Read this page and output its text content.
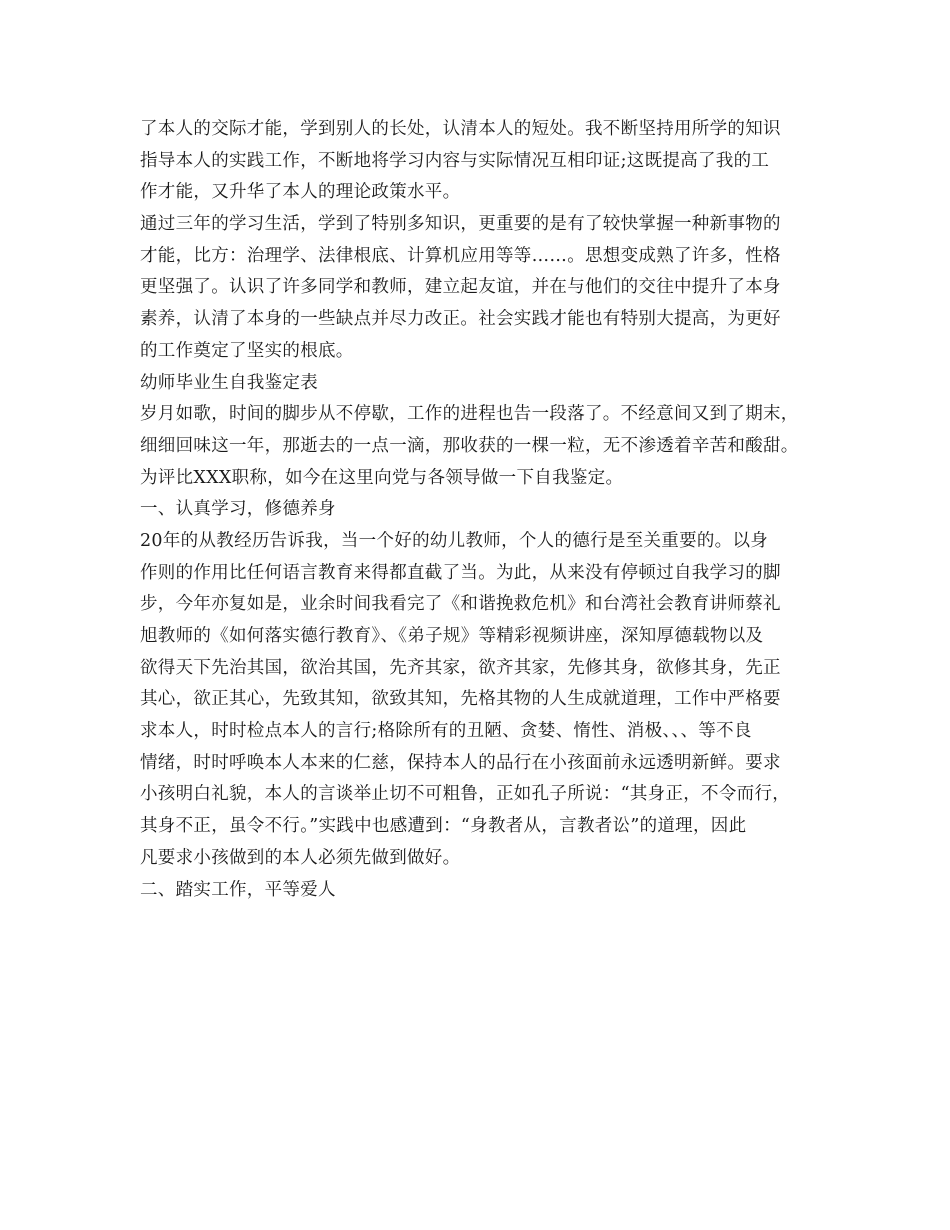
了本人的交际才能，学到别人的长处，认清本人的短处。我不断坚持用所学的知识
指导本人的实践工作，不断地将学习内容与实际情况互相印证;这既提高了我的工
作才能，又升华了本人的理论政策水平。
通过三年的学习生活，学到了特别多知识，更重要的是有了较快掌握一种新事物的
才能，比方：治理学、法律根底、计算机应用等等……。思想变成熟了许多，性格
更坚强了。认识了许多同学和教师，建立起友谊，并在与他们的交往中提升了本身
素养，认清了本身的一些缺点并尽力改正。社会实践才能也有特别大提高，为更好
的工作奠定了坚实的根底。
幼师毕业生自我鉴定表
岁月如歌，时间的脚步从不停歇，工作的进程也告一段落了。不经意间又到了期末，
细细回味这一年，那逝去的一点一滴，那收获的一棵一粒，无不渗透着辛苦和酸甜。
为评比XXX职称，如今在这里向党与各领导做一下自我鉴定。
一、认真学习，修德养身
20年的从教经历告诉我，当一个好的幼儿教师，个人的德行是至关重要的。以身
作则的作用比任何语言教育来得都直截了当。为此，从来没有停顿过自我学习的脚
步，今年亦复如是，业余时间我看完了《和谐挽救危机》和台湾社会教育讲师蔡礼
旭教师的《如何落实德行教育》、《弟子规》等精彩视频讲座，深知厚德载物以及
欲得天下先治其国，欲治其国，先齐其家，欲齐其家，先修其身，欲修其身，先正
其心，欲正其心，先致其知，欲致其知，先格其物的人生成就道理，工作中严格要
求本人，时时检点本人的言行;格除所有的丑陋、贪婪、惰性、消极、、、等不良
情绪，时时呼唤本人本来的仁慈，保持本人的品行在小孩面前永远透明新鲜。要求
小孩明白礼貌，本人的言谈举止切不可粗鲁，正如孔子所说：“其身正，不令而行，
其身不正，虽令不行。”实践中也感遭到：“身教者从，言教者讼”的道理，因此
凡要求小孩做到的本人必须先做到做好。
二、踏实工作，平等爱人
